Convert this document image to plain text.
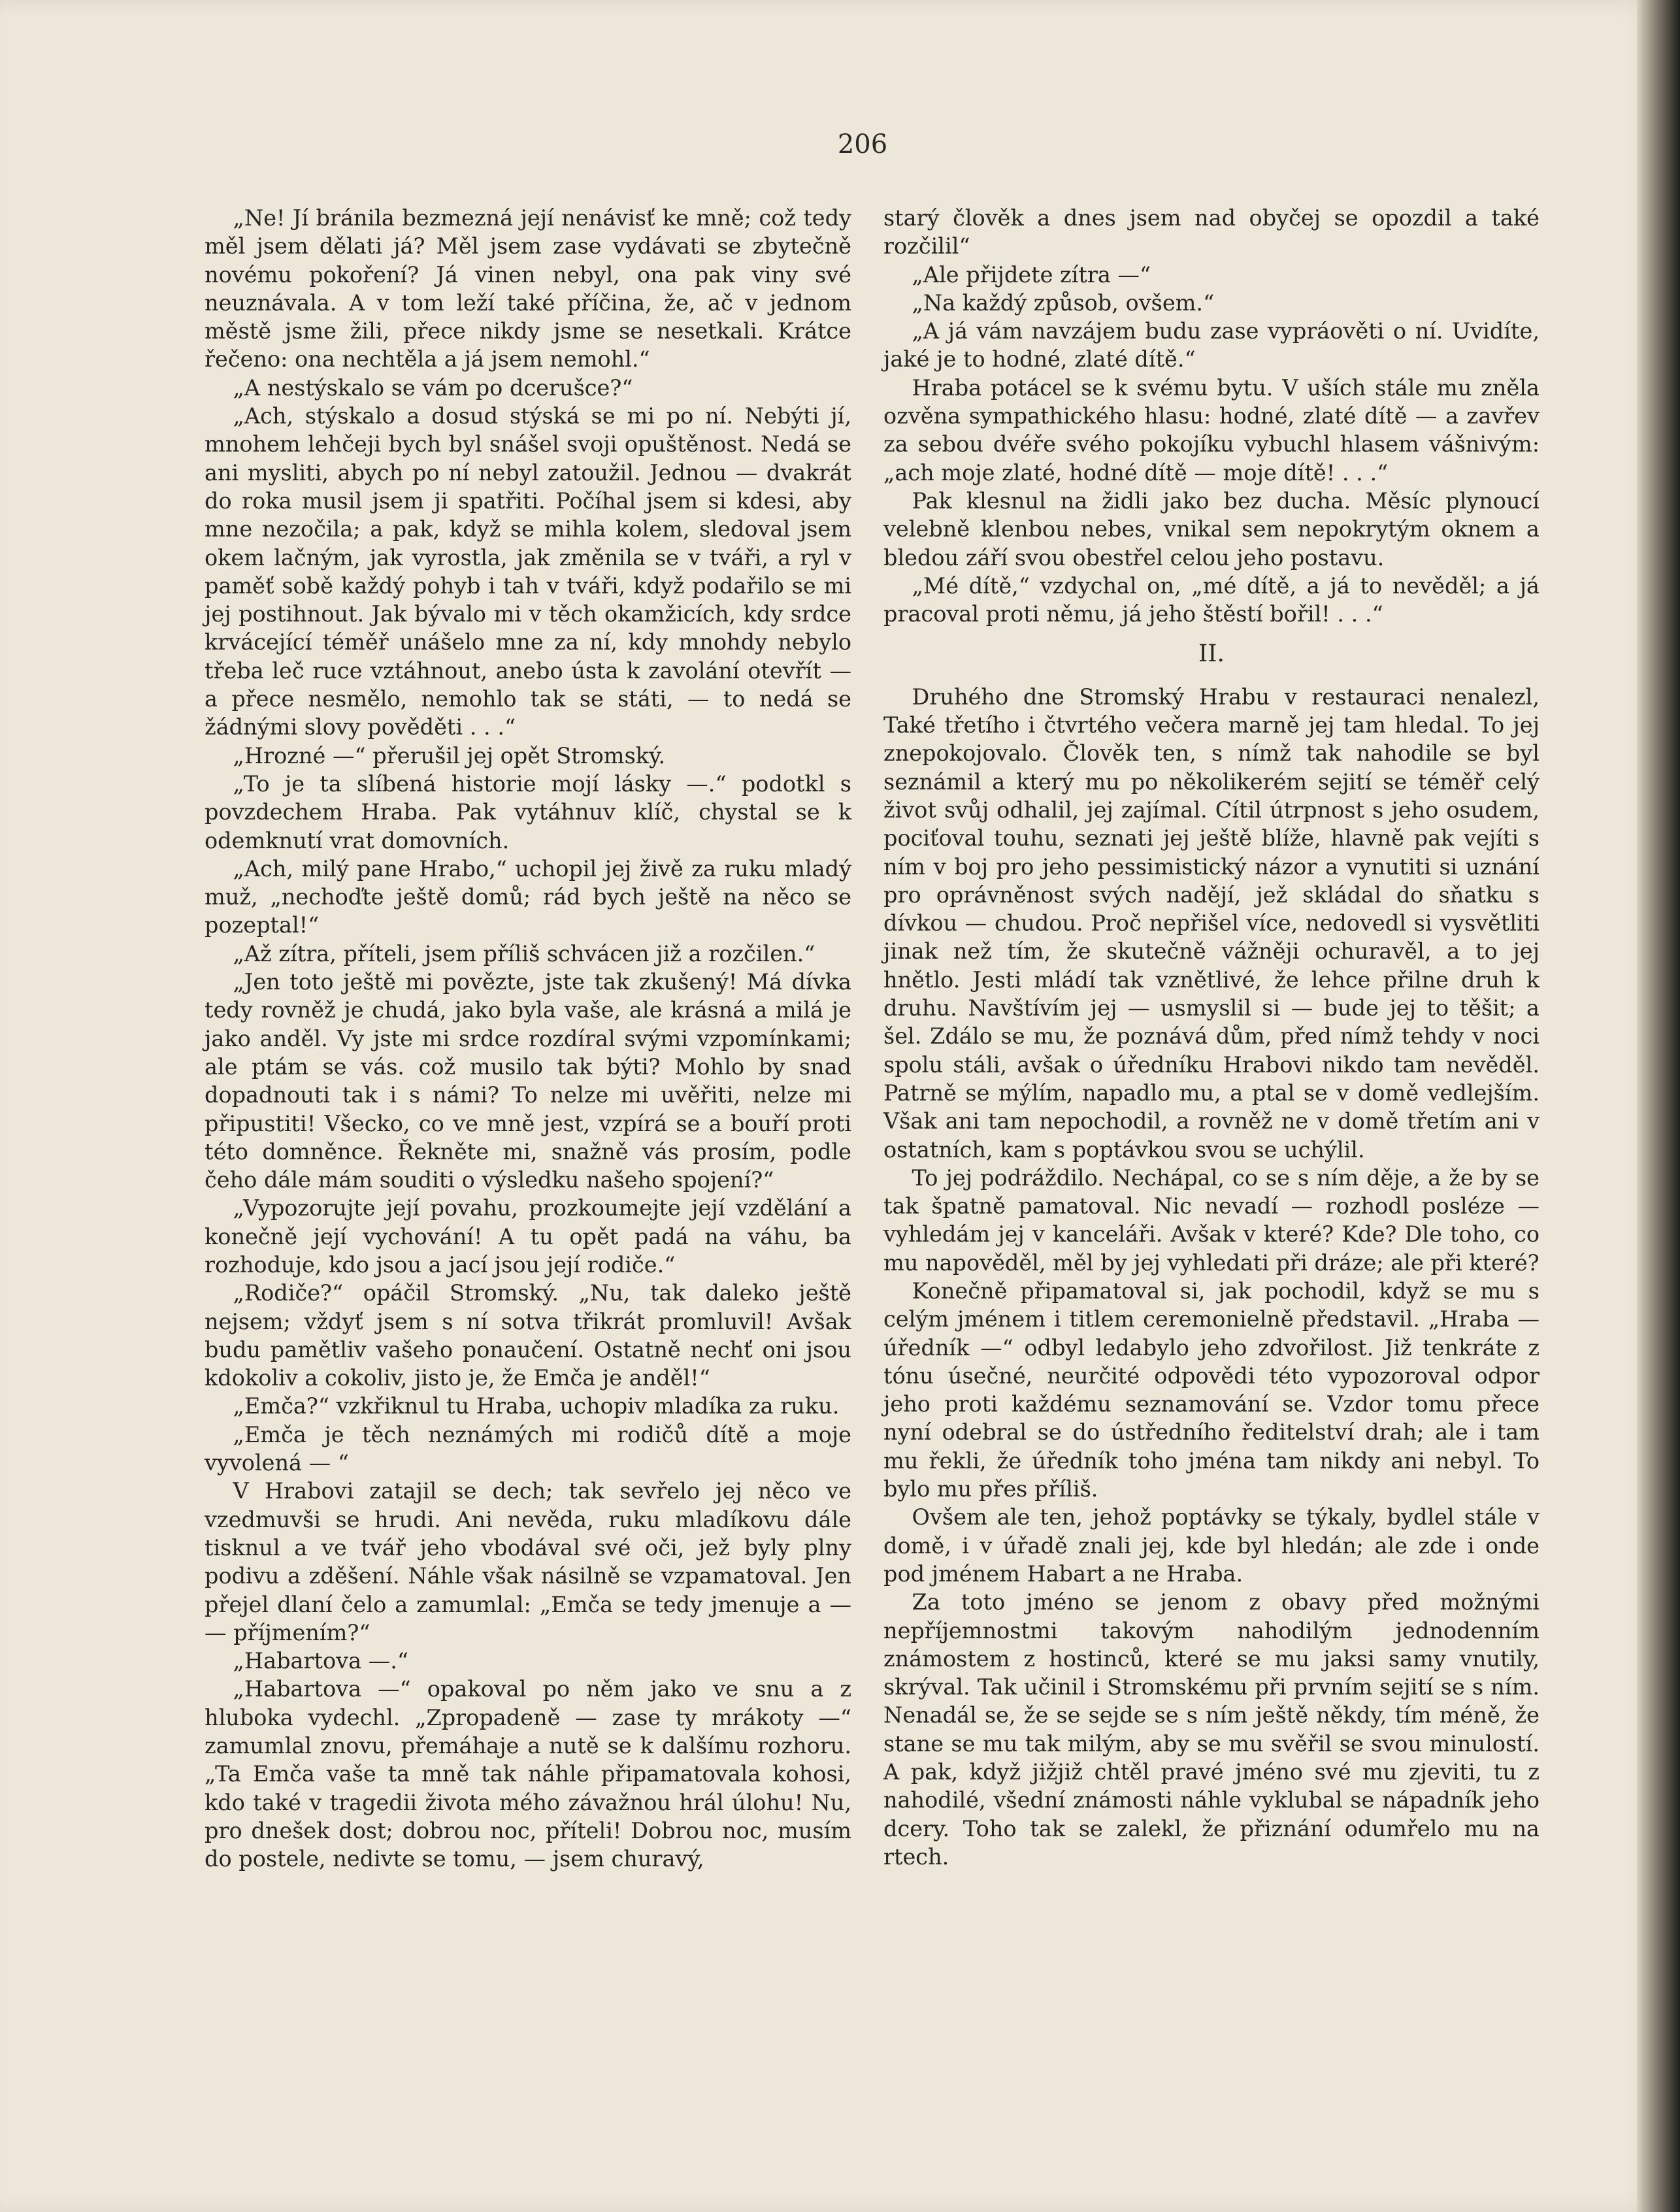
206

„Ne! Jí bránila bezmezná její nenávisť ke mně; což tedy měl jsem dělati já? Měl jsem zase vydávati se zbytečně novému pokoření? Já vinen nebyl, ona pak viny své neuznávala. A v tom leží také příčina, že, ač v jednom městě jsme žili, přece nikdy jsme se nesetkali. Krátce řečeno: ona nechtěla a já jsem nemohl.“

„A nestýskalo se vám po dcerušce?“

„Ach, stýskalo a dosud stýská se mi po ní. Nebýti jí, mnohem lehčeji bych byl snášel svoji opuštěnost. Nedá se ani mysliti, abych po ní nebyl zatoužil. Jednou — dvakrát do roka musil jsem ji spatřiti. Počíhal jsem si kdesi, aby mne nezočila; a pak, když se mihla kolem, sledoval jsem okem lačným, jak vyrostla, jak změnila se v tváři, a ryl v paměť sobě každý pohyb i tah v tváři, když podařilo se mi jej postihnout. Jak bývalo mi v těch okamžicích, kdy srdce krvácející téměř unášelo mne za ní, kdy mnohdy nebylo třeba leč ruce vztáhnout, anebo ústa k zavolání otevřít — a přece nesmělo, nemohlo tak se státi, — to nedá se žádnými slovy pověděti . . .“

„Hrozné —“ přerušil jej opět Stromský.

„To je ta slíbená historie mojí lásky —.“ podotkl s povzdechem Hraba. Pak vytáhnuv klíč, chystal se k odemknutí vrat domovních.

„Ach, milý pane Hrabo,“ uchopil jej živě za ruku mladý muž, „nechoďte ještě domů; rád bych ještě na něco se pozeptal!“

„Až zítra, příteli, jsem příliš schvácen již a rozčilen.“

„Jen toto ještě mi povězte, jste tak zkušený! Má dívka tedy rovněž je chudá, jako byla vaše, ale krásná a milá je jako anděl. Vy jste mi srdce rozdíral svými vzpomínkami; ale ptám se vás. což musilo tak býti? Mohlo by snad dopadnouti tak i s námi? To nelze mi uvěřiti, nelze mi připustiti! Všecko, co ve mně jest, vzpírá se a bouří proti této domněnce. Řekněte mi, snažně vás prosím, podle čeho dále mám souditi o výsledku našeho spojení?“

„Vypozorujte její povahu, prozkoumejte její vzdělání a konečně její vychování! A tu opět padá na váhu, ba rozhoduje, kdo jsou a jací jsou její rodiče.“

„Rodiče?“ opáčil Stromský. „Nu, tak daleko ještě nejsem; vždyť jsem s ní sotva třikrát promluvil! Avšak budu pamětliv vašeho ponaučení. Ostatně nechť oni jsou kdokoliv a cokoliv, jisto je, že Emča je anděl!“

„Emča?“ vzkřiknul tu Hraba, uchopiv mladíka za ruku.

„Emča je těch neznámých mi rodičů dítě a moje vyvolená — “

V Hrabovi zatajil se dech; tak sevřelo jej něco ve vzedmuvši se hrudi. Ani nevěda, ruku mladíkovu dále tisknul a ve tvář jeho vbodával své oči, jež byly plny podivu a zděšení. Náhle však násilně se vzpamatoval. Jen přejel dlaní čelo a zamumlal: „Emča se tedy jmenuje a — — příjmením?“

„Habartova —.“

„Habartova —“ opakoval po něm jako ve snu a z hluboka vydechl. „Zpropadeně — zase ty mrákoty —“ zamumlal znovu, přemáhaje a nutě se k dalšímu rozhoru. „Ta Emča vaše ta mně tak náhle připamatovala kohosi, kdo také v tragedii života mého závažnou hrál úlohu! Nu, pro dnešek dost; dobrou noc, příteli! Dobrou noc, musím do postele, nedivte se tomu, — jsem churavý,

starý člověk a dnes jsem nad obyčej se opozdil a také rozčilil“

„Ale přijdete zítra —“

„Na každý způsob, ovšem.“

„A já vám navzájem budu zase vypráověti o ní. Uvidíte, jaké je to hodné, zlaté dítě.“

Hraba potácel se k svému bytu. V uších stále mu zněla ozvěna sympathického hlasu: hodné, zlaté dítě — a zavřev za sebou dvéře svého pokojíku vybuchl hlasem vášnivým: „ach moje zlaté, hodné dítě — moje dítě! . . .“

Pak klesnul na židli jako bez ducha. Měsíc plynoucí velebně klenbou nebes, vnikal sem nepokrytým oknem a bledou září svou obestřel celou jeho postavu.

„Mé dítě,“ vzdychal on, „mé dítě, a já to nevěděl; a já pracoval proti němu, já jeho štěstí bořil! . . .“

II.

Druhého dne Stromský Hrabu v restauraci nenalezl, Také třetího i čtvrtého večera marně jej tam hledal. To jej znepokojovalo. Člověk ten, s nímž tak nahodile se byl seznámil a který mu po několikerém sejití se téměř celý život svůj odhalil, jej zajímal. Cítil útrpnost s jeho osudem, pociťoval touhu, seznati jej ještě blíže, hlavně pak vejíti s ním v boj pro jeho pessimistický názor a vynutiti si uznání pro oprávněnost svých nadějí, jež skládal do sňatku s dívkou — chudou. Proč nepřišel více, nedovedl si vysvětliti jinak než tím, že skutečně vážněji ochuravěl, a to jej hnětlo. Jesti mládí tak vznětlivé, že lehce přilne druh k druhu. Navštívím jej — usmyslil si — bude jej to těšit; a šel. Zdálo se mu, že poznává dům, před nímž tehdy v noci spolu stáli, avšak o úředníku Hrabovi nikdo tam nevěděl. Patrně se mýlím, napadlo mu, a ptal se v domě vedlejším. Však ani tam nepochodil, a rovněž ne v domě třetím ani v ostatních, kam s poptávkou svou se uchýlil.

To jej podráždilo. Nechápal, co se s ním děje, a že by se tak špatně pamatoval. Nic nevadí — rozhodl posléze — vyhledám jej v kanceláři. Avšak v které? Kde? Dle toho, co mu napověděl, měl by jej vyhledati při dráze; ale při které?

Konečně připamatoval si, jak pochodil, když se mu s celým jménem i titlem ceremonielně představil. „Hraba — úředník —“ odbyl ledabylo jeho zdvořilost. Již tenkráte z tónu úsečné, neurčité odpovědi této vypozoroval odpor jeho proti každému seznamování se. Vzdor tomu přece nyní odebral se do ústředního ředitelství drah; ale i tam mu řekli, že úředník toho jména tam nikdy ani nebyl. To bylo mu přes příliš.

Ovšem ale ten, jehož poptávky se týkaly, bydlel stále v domě, i v úřadě znali jej, kde byl hledán; ale zde i onde pod jménem Habart a ne Hraba.

Za toto jméno se jenom z obavy před možnými nepříjemnostmi takovým nahodilým jednodenním známostem z hostinců, které se mu jaksi samy vnutily, skrýval. Tak učinil i Stromskému při prvním sejití se s ním. Nenadál se, že se sejde se s ním ještě někdy, tím méně, že stane se mu tak milým, aby se mu svěřil se svou minulostí. A pak, když jižjiž chtěl pravé jméno své mu zjeviti, tu z nahodilé, všední známosti náhle vyklubal se nápadník jeho dcery. Toho tak se zalekl, že přiznání odumřelo mu na rtech.
